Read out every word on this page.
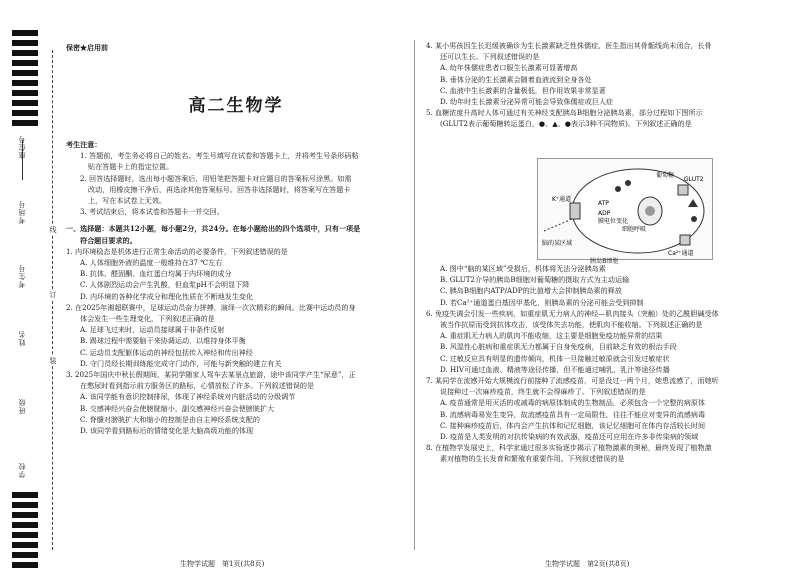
座位号
考场号
考生号
姓名
班级
学校
线
订
装
保密★启用前
高二生物学
考生注意：
1. 答题前，考生务必将自己的姓名、考生号填写在试卷和答题卡上，并将考生号条形码粘
贴在答题卡上的指定位置。
2. 回答选择题时，选出每小题答案后，用铅笔把答题卡对应题目的答案标号涂黑。如需
改动，用橡皮擦干净后，再选涂其他答案标号。回答非选择题时，将答案写在答题卡
上，写在本试卷上无效。
3. 考试结束后，将本试卷和答题卡一并交回。
一、选择题：本题共12小题，每小题2分，共24分。在每小题给出的四个选项中，只有一项是
符合题目要求的。
1. 内环境稳态是机体进行正常生命活动的必要条件，下列叙述错误的是
A. 人体细胞外液的温度一般维持在37 ℃左右
B. 抗体、醛固酮、血红蛋白均属于内环境的成分
C. 人体剧烈运动会产生乳酸，但血浆pH不会明显下降
D. 内环境的各种化学成分和理化性质在不断地发生变化
2. 在2025年湘超联赛中，足球运动员奋力拼搏，演绎一次次精彩的瞬间。比赛中运动员的身
体会发生一些生理变化，下列叙述正确的是
A. 足球飞过来时，运动员接球属于非条件反射
B. 踢球过程中需要脑干来协调运动，以维持身体平衡
C. 运动员支配躯体运动的神经包括传入神经和传出神经
D. 守门员经长期训练能完成守门动作，可能与新突触的建立有关
3. 2025年国庆中秋长假期间，某同学随家人驾车去某景点旅游，途中该同学产生“尿意”，正
在憋尿时看到指示前方服务区的路标，心情放松了许多。下列叙述错误的是
A. 该同学能有意识控制排尿，体现了神经系统对内脏活动的分级调节
B. 交感神经兴奋会使膀胱缩小，副交感神经兴奋会使膀胱扩大
C. 脊髓对膀胱扩大和缩小的控制是由自主神经系统支配的
D. 该同学看到路标后的情绪变化是大脑高级功能的体现
4. 某小男孩因生长迟缓被确诊为生长激素缺乏性侏儒症，医生指出其骨骺线尚未闭合，长骨
还可以生长。下列叙述错误的是
A. 幼年侏儒症患者口服生长激素可显著增高
B. 垂体分泌的生长激素会随着血液流到全身各处
C. 血液中生长激素的含量极低，但作用效果非常显著
D. 幼年时生长激素分泌异常可能会导致侏儒症或巨人症
5. 血糖浓度升高时人体可通过有关神经支配胰岛B细胞分泌胰岛素，部分过程如下图所示
(GLUT2表示葡萄糖转运蛋白，●、▲、●表示3种不同物质)。下列叙述正确的是
脑的某区域
葡萄糖
GLUT2
ATP
ADP
K⁺通道
Ca²⁺通道
细胞呼吸
膜电位变化
胰岛B细胞
A. 图中“脑的某区域”受损后，机体将无法分泌胰岛素
B. GLUT2介导的胰岛B细胞对葡萄糖的摄取方式为主动运输
C. 胰岛B细胞内ATP/ADP的比值增大会抑制胰岛素的释放
D. 若Ca²⁺通道蛋白基因甲基化，则胰岛素的分泌可能会受到抑制
6. 免疫失调会引发一些疾病，如重症肌无力病人的神经—肌肉接头（突触）处的乙酰胆碱受体
被当作抗原而受到抗体攻击，该受体失去功能，使肌肉不能收缩。下列叙述正确的是
A. 重症肌无力病人的肌肉不能收缩，这主要是细胞免疫功能异常的结果
B. 风湿性心脏病和重症肌无力都属于自身免疫病，目前缺乏有效的根治手段
C. 过敏反应具有明显的遗传倾向，机体一旦接触过敏原就会引发过敏症状
D. HIV可通过血液、精液等途径传播，但不能通过哺乳、乳汁等途径传播
7. 某同学在流感开始大规模流行前接种了流感疫苗，可是没过一两个月，她患流感了，而她听
说接种过一次麻疹疫苗，终生就不会得麻疹了。下列叙述错误的是
A. 疫苗通常是用灭活的或减毒的病原体制成的生物制品，必须包含一个完整的病原体
B. 流感病毒易发生变异，故流感疫苗具有一定局限性，往往不能应对变异的流感病毒
C. 接种麻疹疫苗后，体内会产生抗体和记忆细胞，该记忆细胞可在体内存活较长时间
D. 疫苗是人类发明的对抗传染病的有效武器，疫苗还可应用在许多非传染病的领域
8. 在植物学发展史上，科学家通过很多实验逐步揭示了植物激素的奥秘，最终发现了植物激
素对植物的生长发育和繁殖有重要作用。下列叙述错误的是
生物学试题　第1页(共8页)	生物学试题　第2页(共8页)
